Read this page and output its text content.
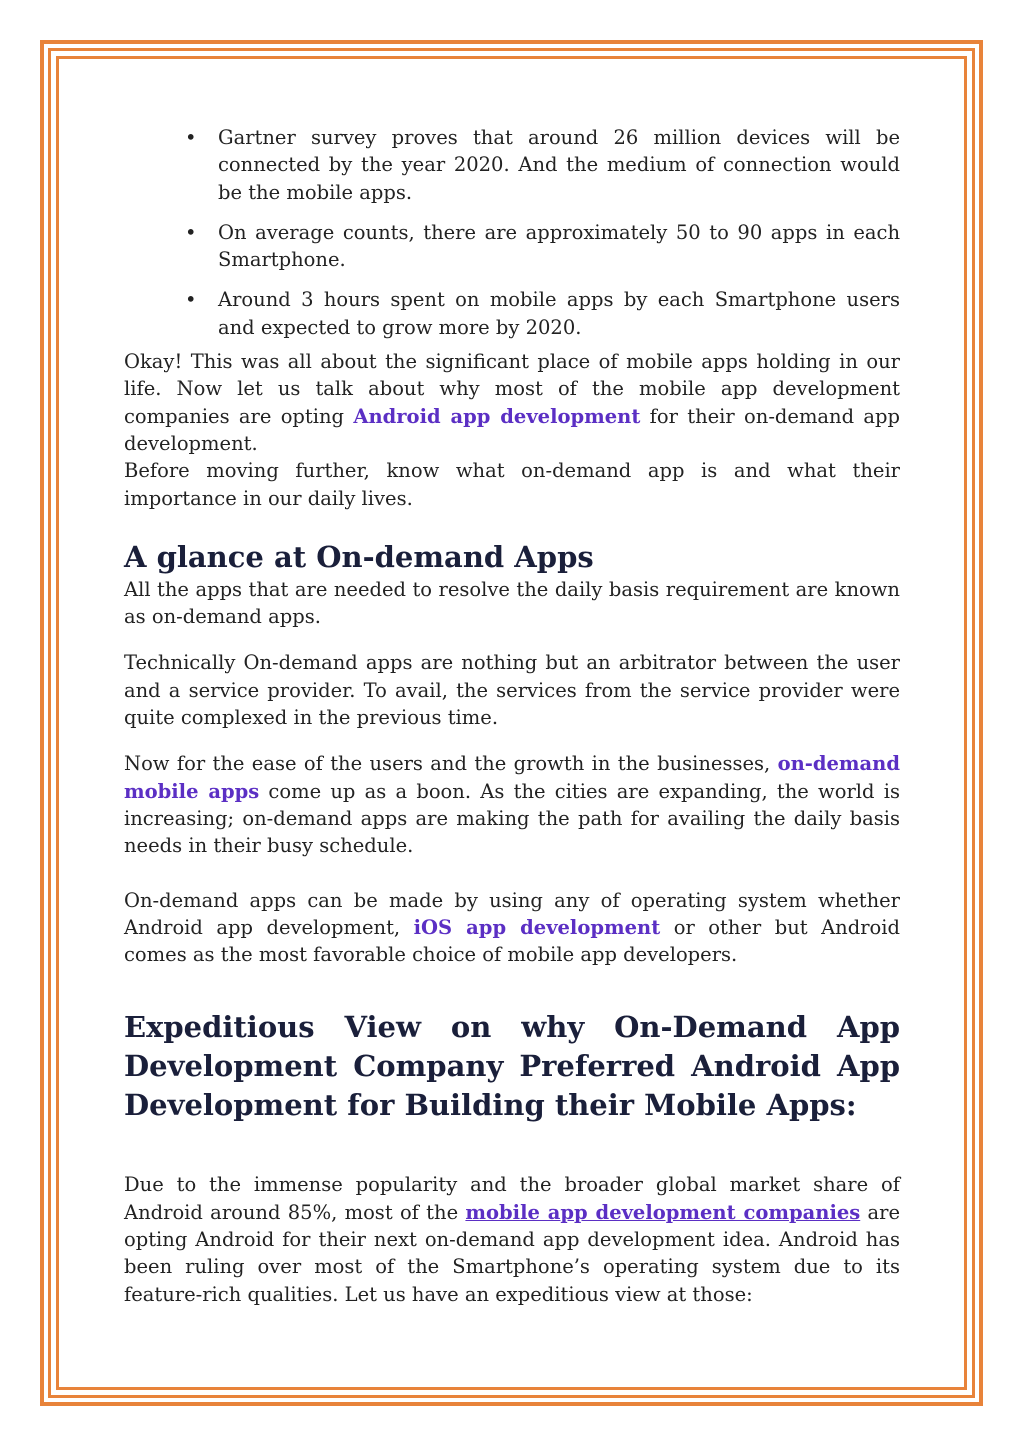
• Gartner survey proves that around 26 million devices will be connected by the year 2020. And the medium of connection would be the mobile apps.
• On average counts, there are approximately 50 to 90 apps in each Smartphone.
• Around 3 hours spent on mobile apps by each Smartphone users and expected to grow more by 2020.

Okay! This was all about the significant place of mobile apps holding in our life. Now let us talk about why most of the mobile app development companies are opting Android app development for their on-demand app development.

Before moving further, know what on-demand app is and what their importance in our daily lives.

A glance at On-demand Apps

All the apps that are needed to resolve the daily basis requirement are known as on-demand apps.

Technically On-demand apps are nothing but an arbitrator between the user and a service provider. To avail, the services from the service provider were quite complexed in the previous time.

Now for the ease of the users and the growth in the businesses, on-demand mobile apps come up as a boon. As the cities are expanding, the world is increasing; on-demand apps are making the path for availing the daily basis needs in their busy schedule.

On-demand apps can be made by using any of operating system whether Android app development, iOS app development or other but Android comes as the most favorable choice of mobile app developers.

Expeditious View on why On-Demand App Development Company Preferred Android App Development for Building their Mobile Apps:

Due to the immense popularity and the broader global market share of Android around 85%, most of the mobile app development companies are opting Android for their next on-demand app development idea. Android has been ruling over most of the Smartphone’s operating system due to its feature-rich qualities. Let us have an expeditious view at those:
